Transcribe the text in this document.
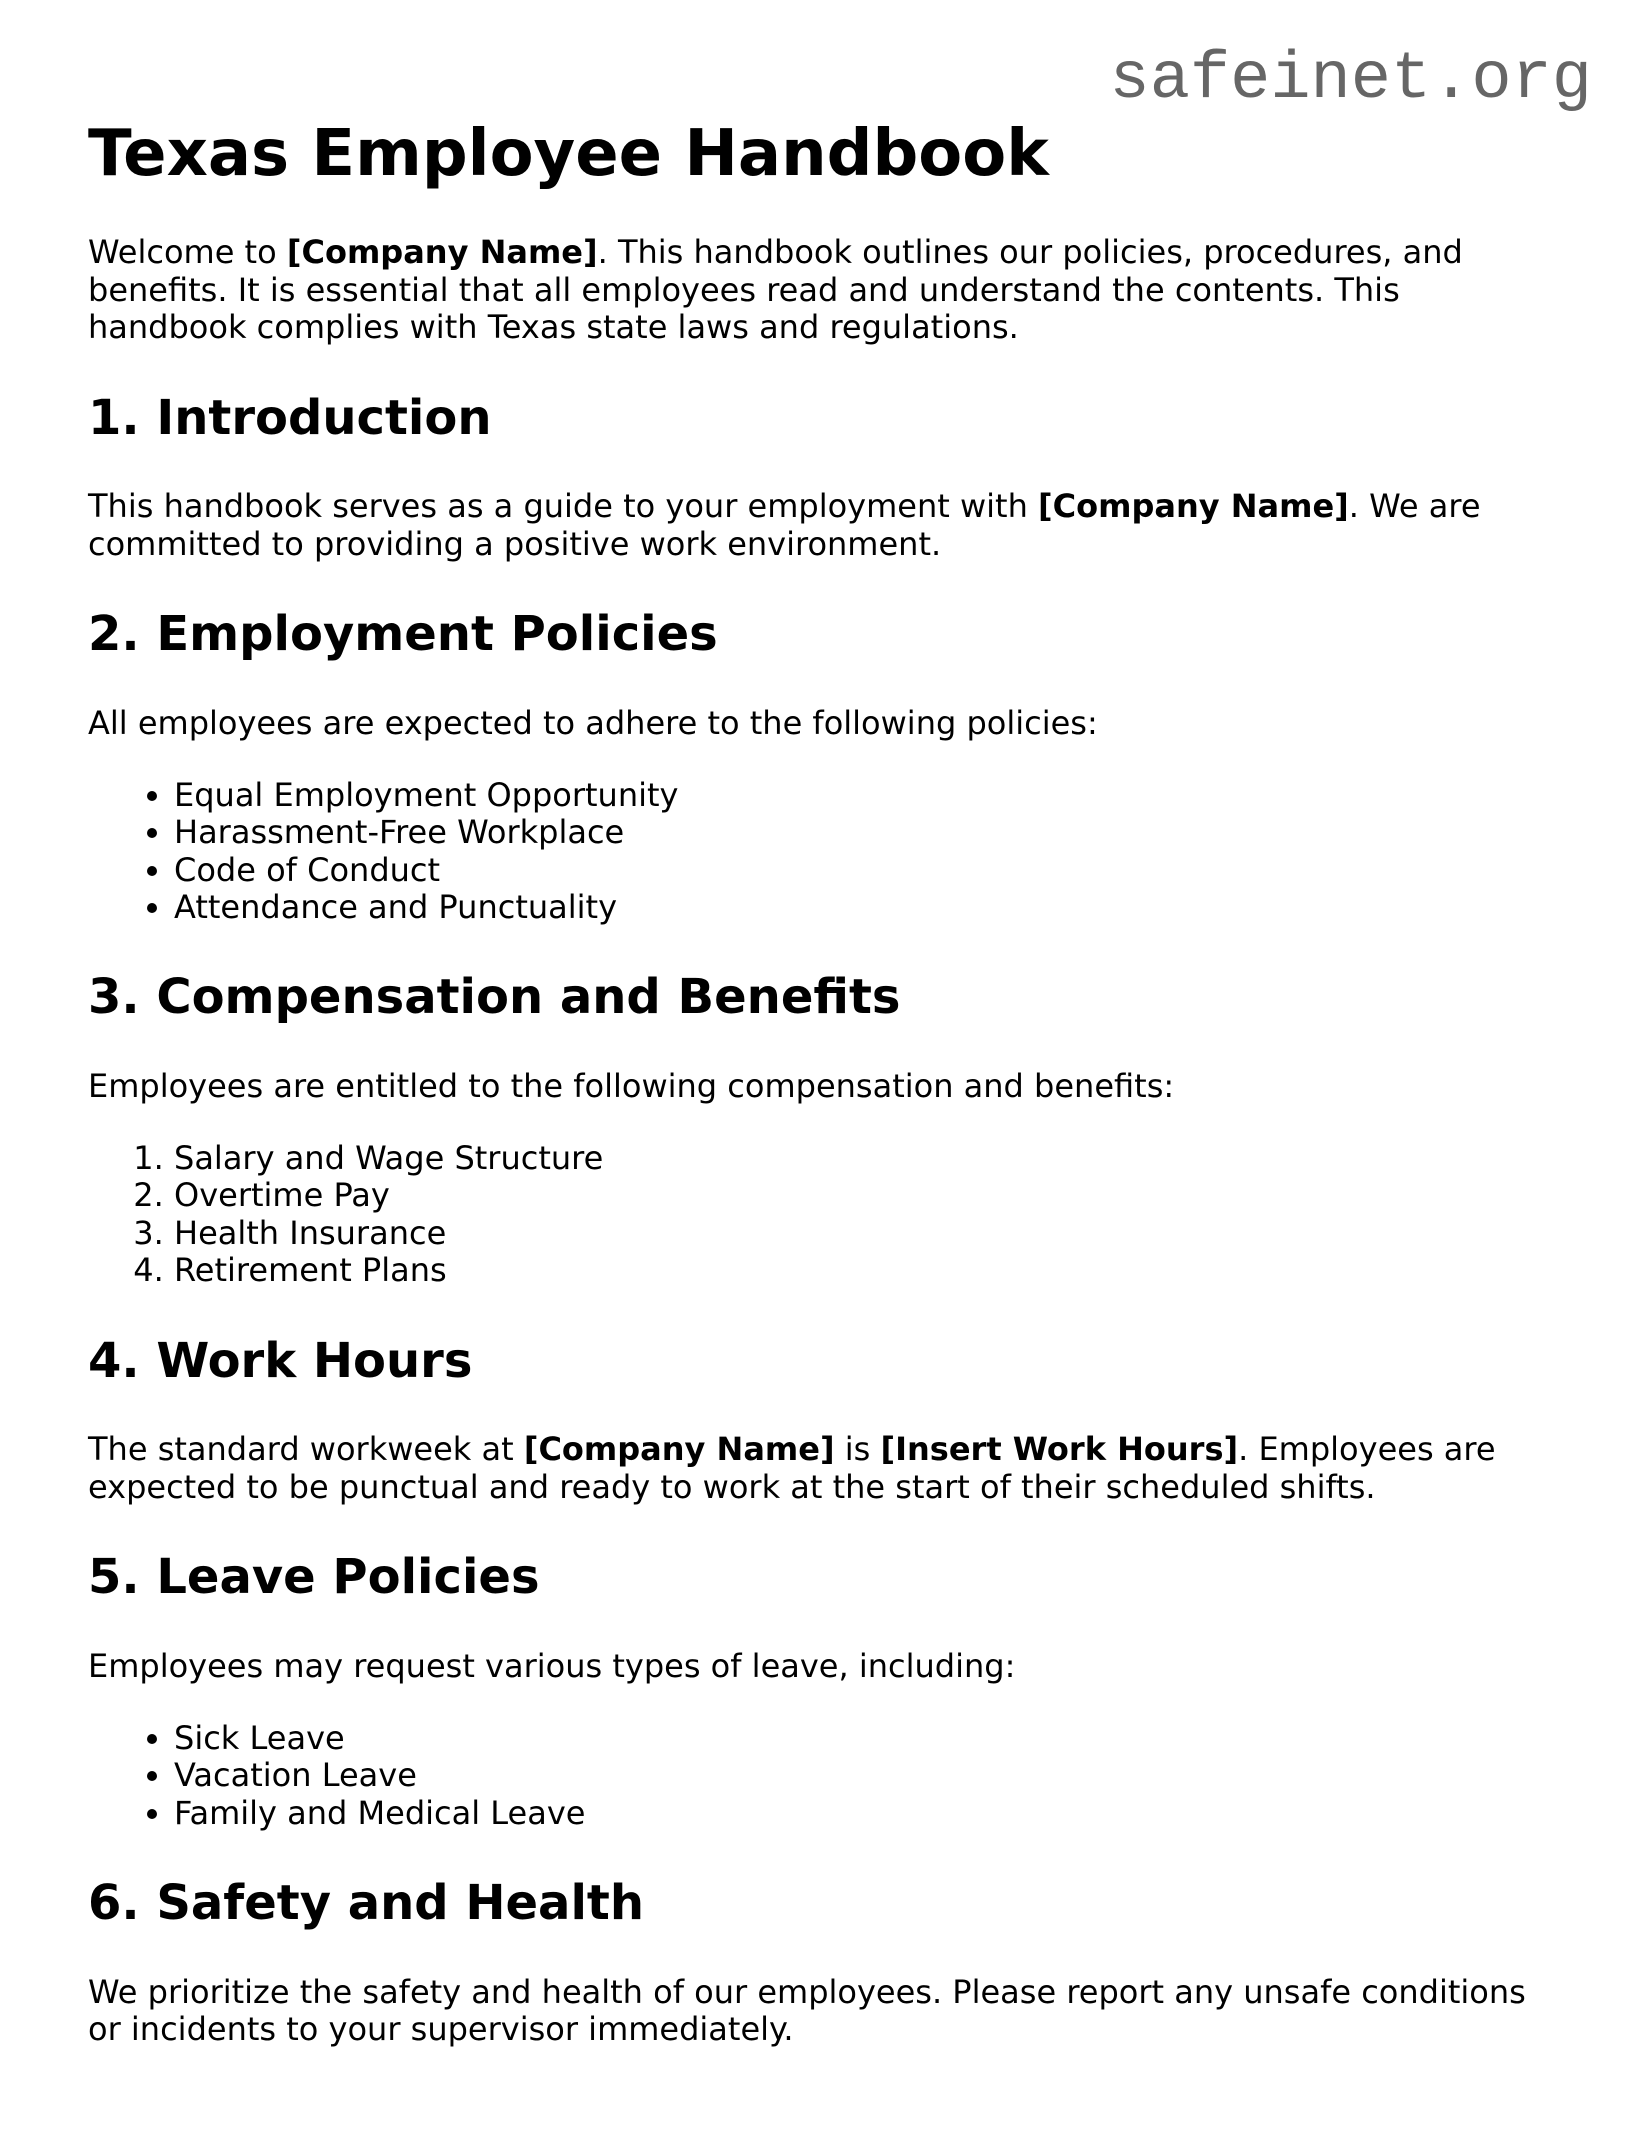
safeinet.org
Texas Employee Handbook

Welcome to [Company Name]. This handbook outlines our policies, procedures, and benefits. It is essential that all employees read and understand the contents. This handbook complies with Texas state laws and regulations.

1. Introduction

This handbook serves as a guide to your employment with [Company Name]. We are committed to providing a positive work environment.

2. Employment Policies

All employees are expected to adhere to the following policies:

• Equal Employment Opportunity
• Harassment-Free Workplace
• Code of Conduct
• Attendance and Punctuality
3. Compensation and Benefits

Employees are entitled to the following compensation and benefits:

1. Salary and Wage Structure
2. Overtime Pay
3. Health Insurance
4. Retirement Plans
4. Work Hours

The standard workweek at [Company Name] is [Insert Work Hours]. Employees are expected to be punctual and ready to work at the start of their scheduled shifts.

5. Leave Policies

Employees may request various types of leave, including:

• Sick Leave
• Vacation Leave
• Family and Medical Leave
6. Safety and Health

We prioritize the safety and health of our employees. Please report any unsafe conditions or incidents to your supervisor immediately.
